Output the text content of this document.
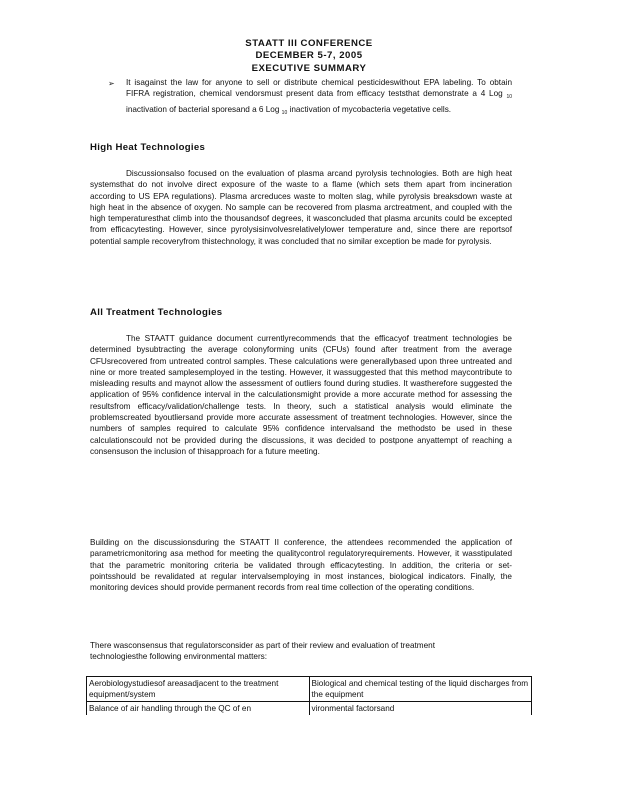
STAATT III CONFERENCE
DECEMBER 5-7, 2005
EXECUTIVE SUMMARY
➢ It isagainst the law for anyone to sell or distribute chemical pesticideswithout EPA labeling. To obtain FIFRA registration, chemical vendorsmust present data from efficacy teststhat demonstrate a 4 Log $_{10}$ inactivation of bacterial sporesand a 6 Log $_{10}$ inactivation of mycobacteria vegetative cells.

High Heat Technologies

Discussionsalso focused on the evaluation of plasma arcand pyrolysis technologies. Both are high heat systemsthat do not involve direct exposure of the waste to a flame (which sets them apart from incineration according to US EPA regulations). Plasma arcreduces waste to molten slag, while pyrolysis breaksdown waste at high heat in the absence of oxygen. No sample can be recovered from plasma arctreatment, and coupled with the high temperaturesthat climb into the thousandsof degrees, it wasconcluded that plasma arcunits could be excepted from efficacytesting. However, since pyrolysisinvolvesrelativelylower temperature and, since there are reportsof potential sample recoveryfrom thistechnology, it was concluded that no similar exception be made for pyrolysis.

All Treatment Technologies

The STAATT guidance document currentlyrecommends that the efficacyof treatment technologies be determined bysubtracting the average colonyforming units (CFUs) found after treatment from the average CFUsrecovered from untreated control samples. These calculations were generallybased upon three untreated and nine or more treated samplesemployed in the testing. However, it wassuggested that this method maycontribute to misleading results and maynot allow the assessment of outliers found during studies. It wastherefore suggested the application of 95% confidence interval in the calculationsmight provide a more accurate method for assessing the resultsfrom efficacy/validation/challenge tests. In theory, such a statistical analysis would eliminate the problemscreated byoutliersand provide more accurate assessment of treatment technologies. However, since the numbers of samples required to calculate 95% confidence intervalsand the methodsto be used in these calculationscould not be provided during the discussions, it was decided to postpone anyattempt of reaching a consensuson the inclusion of thisapproach for a future meeting.

Building on the discussionsduring the STAATT II conference, the attendees recommended the application of parametricmonitoring asa method for meeting the qualitycontrol regulatoryrequirements. However, it wasstipulated that the parametric monitoring criteria be validated through efficacytesting. In addition, the criteria or set-pointsshould be revalidated at regular intervalsemploying in most instances, biological indicators. Finally, the monitoring devices should provide permanent records from real time collection of the operating conditions.

There wasconsensus that regulatorsconsider as part of their review and evaluation of treatment technologiesthe following environmental matters:

Aerobiologystudiesof areasadjacent to the treatment equipment/system	Biological and chemical testing of the liquid discharges from the equipment
Balance of air handling through the QC of en	vironmental factorsand
